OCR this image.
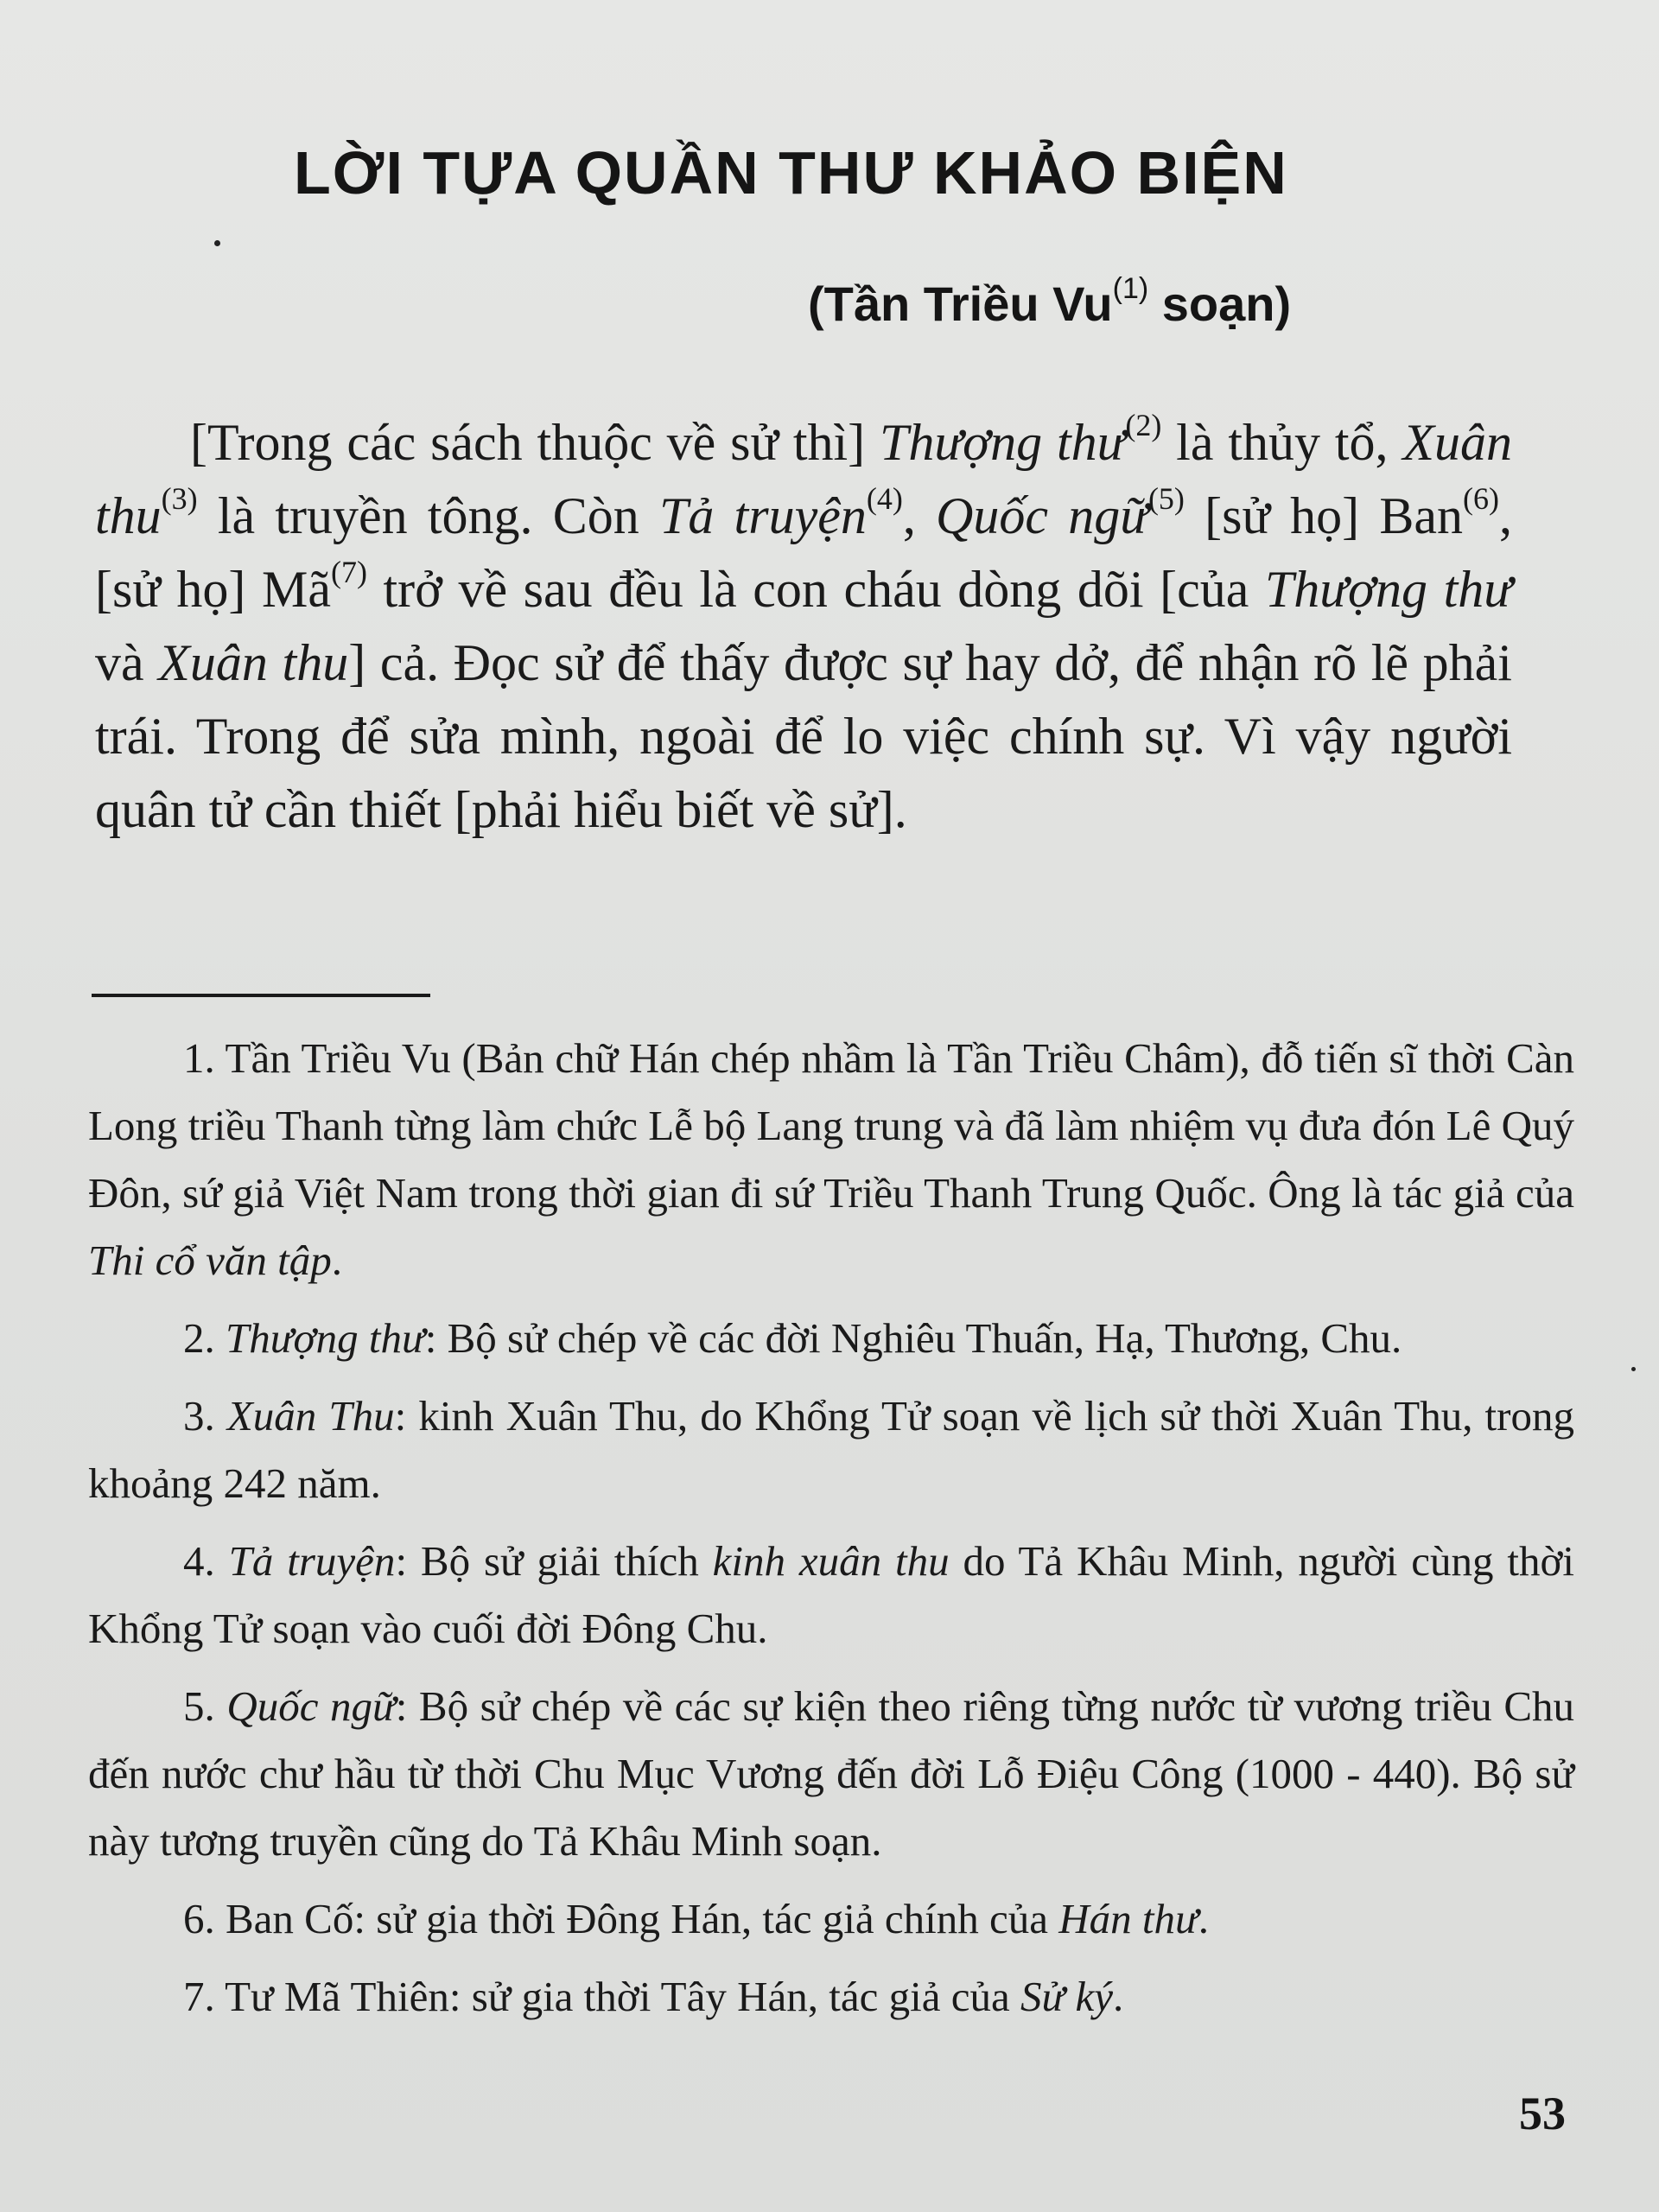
LỜI TỰA QUẦN THƯ KHẢO BIỆN
(Tần Triều Vu$^{(1)}$ soạn)

[Trong các sách thuộc về sử thì] Thượng thư$^{(2)}$ là thủy tổ, Xuân thu$^{(3)}$ là truyền tông. Còn Tả truyện$^{(4)}$, Quốc ngữ$^{(5)}$ [sử họ] Ban$^{(6)}$, [sử họ] $Mã^{(7)}$ trở về sau đều là con cháu dòng dõi [của Thượng thư và Xuân thu] cả. Đọc sử để thấy được sự hay dở, để nhận rõ lẽ phải trái. Trong để sửa mình, ngoài để lo việc chính sự. Vì vậy người quân tử cần thiết [phải hiểu biết về sử].

1. Tần Triều Vu (Bản chữ Hán chép nhầm là Tần Triều Châm), đỗ tiến sĩ thời Càn Long triều Thanh từng làm chức Lễ bộ Lang trung và đã làm nhiệm vụ đưa đón Lê Quý Đôn, sứ giả Việt Nam trong thời gian đi sứ Triều Thanh Trung Quốc. Ông là tác giả của Thi cổ văn tập.

2. Thượng thư: Bộ sử chép về các đời Nghiêu Thuấn, Hạ, Thương, Chu.

3. Xuân Thu: kinh Xuân Thu, do Khổng Tử soạn về lịch sử thời Xuân Thu, trong khoảng 242 năm.

4. Tả truyện: Bộ sử giải thích kinh xuân thu do Tả Khâu Minh, người cùng thời Khổng Tử soạn vào cuối đời Đông Chu.

5. Quốc ngữ: Bộ sử chép về các sự kiện theo riêng từng nước từ vương triều Chu đến nước chư hầu từ thời Chu Mục Vương đến đời Lỗ Điệu Công (1000 - 440). Bộ sử này tương truyền cũng do Tả Khâu Minh soạn.

6. Ban Cố: sử gia thời Đông Hán, tác giả chính của Hán thư.

7. Tư Mã Thiên: sử gia thời Tây Hán, tác giả của Sử ký.

53
